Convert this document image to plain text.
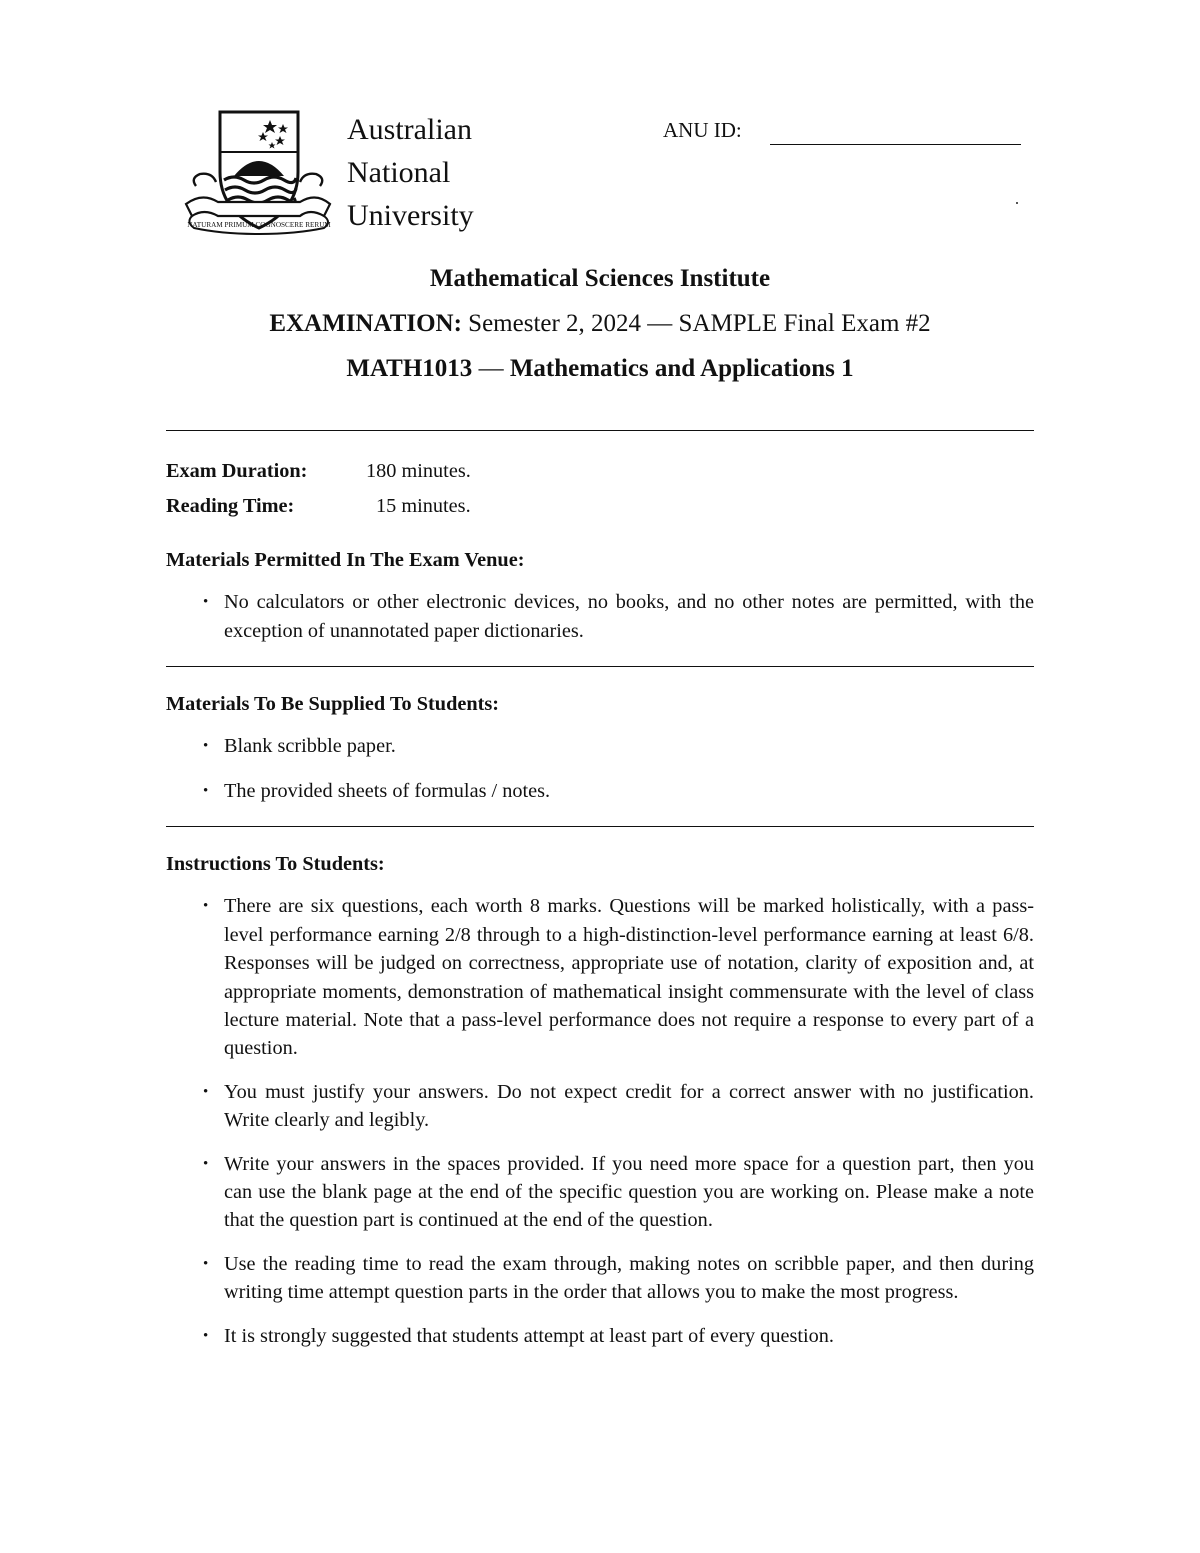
NATURAM PRIMUM COGNOSCERE RERUM
Australian
National
University
ANU ID:
Mathematical Sciences Institute
EXAMINATION: Semester 2, 2024 — SAMPLE Final Exam #2
MATH1013 — Mathematics and Applications 1
Exam Duration:	180 minutes.
Reading Time:	15 minutes.
Materials Permitted In The Exam Venue:
• No calculators or other electronic devices, no books, and no other notes are permitted, with the exception of unannotated paper dictionaries.
Materials To Be Supplied To Students:
• Blank scribble paper.
• The provided sheets of formulas / notes.
Instructions To Students:
• There are six questions, each worth 8 marks. Questions will be marked holistically, with a pass-level performance earning 2/8 through to a high-distinction-level performance earning at least 6/8. Responses will be judged on correctness, appropriate use of notation, clarity of exposition and, at appropriate moments, demonstration of mathematical insight commensurate with the level of class lecture material. Note that a pass-level performance does not require a response to every part of a question.
• You must justify your answers. Do not expect credit for a correct answer with no justification. Write clearly and legibly.
• Write your answers in the spaces provided. If you need more space for a question part, then you can use the blank page at the end of the specific question you are working on. Please make a note that the question part is continued at the end of the question.
• Use the reading time to read the exam through, making notes on scribble paper, and then during writing time attempt question parts in the order that allows you to make the most progress.
• It is strongly suggested that students attempt at least part of every question.
